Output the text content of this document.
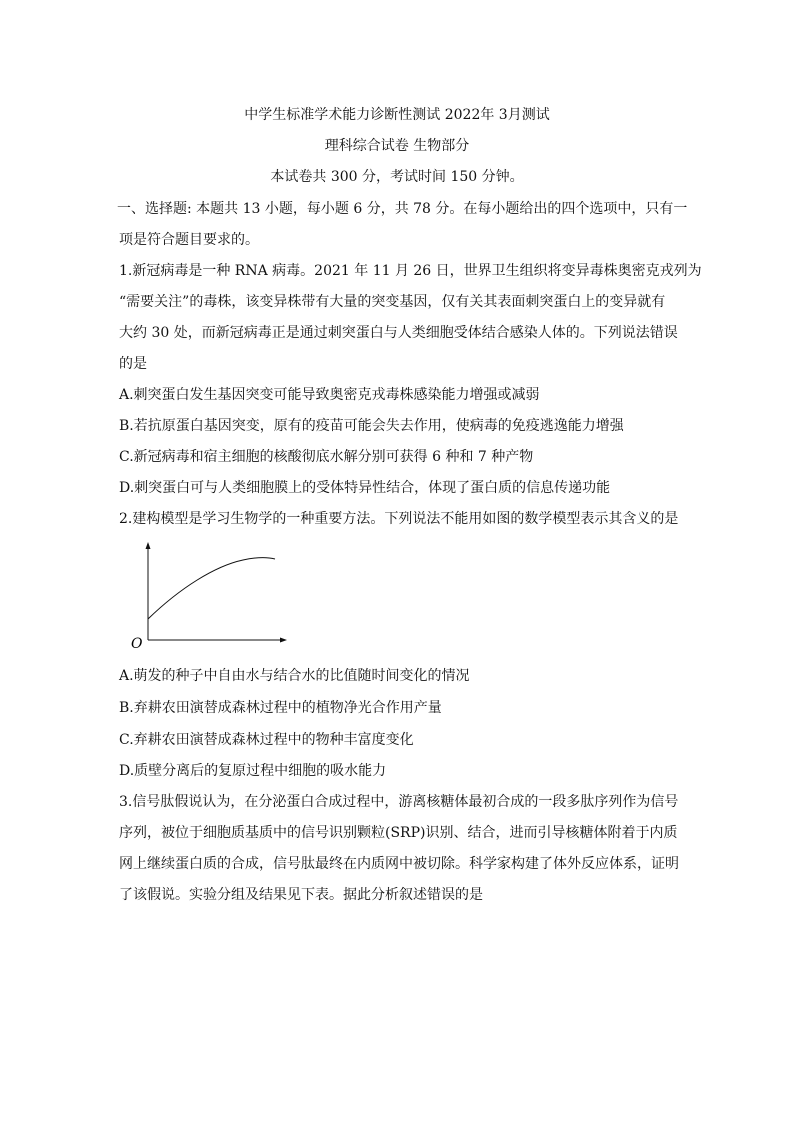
中学生标准学术能力诊断性测试 2022年 3月测试
理科综合试卷 生物部分
本试卷共 300 分，考试时间 150 分钟。
一、选择题: 本题共 13 小题，每小题 6 分，共 78 分。在每小题给出的四个选项中，只有一
项是符合题目要求的。
1.新冠病毒是一种 RNA 病毒。2021 年 11 月 26 日，世界卫生组织将变异毒株奥密克戎列为
“需要关注”的毒株，该变异株带有大量的突变基因，仅有关其表面刺突蛋白上的变异就有
大约 30 处，而新冠病毒正是通过刺突蛋白与人类细胞受体结合感染人体的。下列说法错误
的是
A.刺突蛋白发生基因突变可能导致奥密克戎毒株感染能力增强或减弱
B.若抗原蛋白基因突变，原有的疫苗可能会失去作用，使病毒的免疫逃逸能力增强
C.新冠病毒和宿主细胞的核酸彻底水解分别可获得 6 种和 7 种产物
D.刺突蛋白可与人类细胞膜上的受体特异性结合，体现了蛋白质的信息传递功能
2.建构模型是学习生物学的一种重要方法。下列说法不能用如图的数学模型表示其含义的是
O
A.萌发的种子中自由水与结合水的比值随时间变化的情况
B.弃耕农田演替成森林过程中的植物净光合作用产量
C.弃耕农田演替成森林过程中的物种丰富度变化
D.质壁分离后的复原过程中细胞的吸水能力
3.信号肽假说认为，在分泌蛋白合成过程中，游离核糖体最初合成的一段多肽序列作为信号
序列，被位于细胞质基质中的信号识别颗粒(SRP)识别、结合，进而引导核糖体附着于内质
网上继续蛋白质的合成，信号肽最终在内质网中被切除。科学家构建了体外反应体系，证明
了该假说。实验分组及结果见下表。据此分析叙述错误的是
